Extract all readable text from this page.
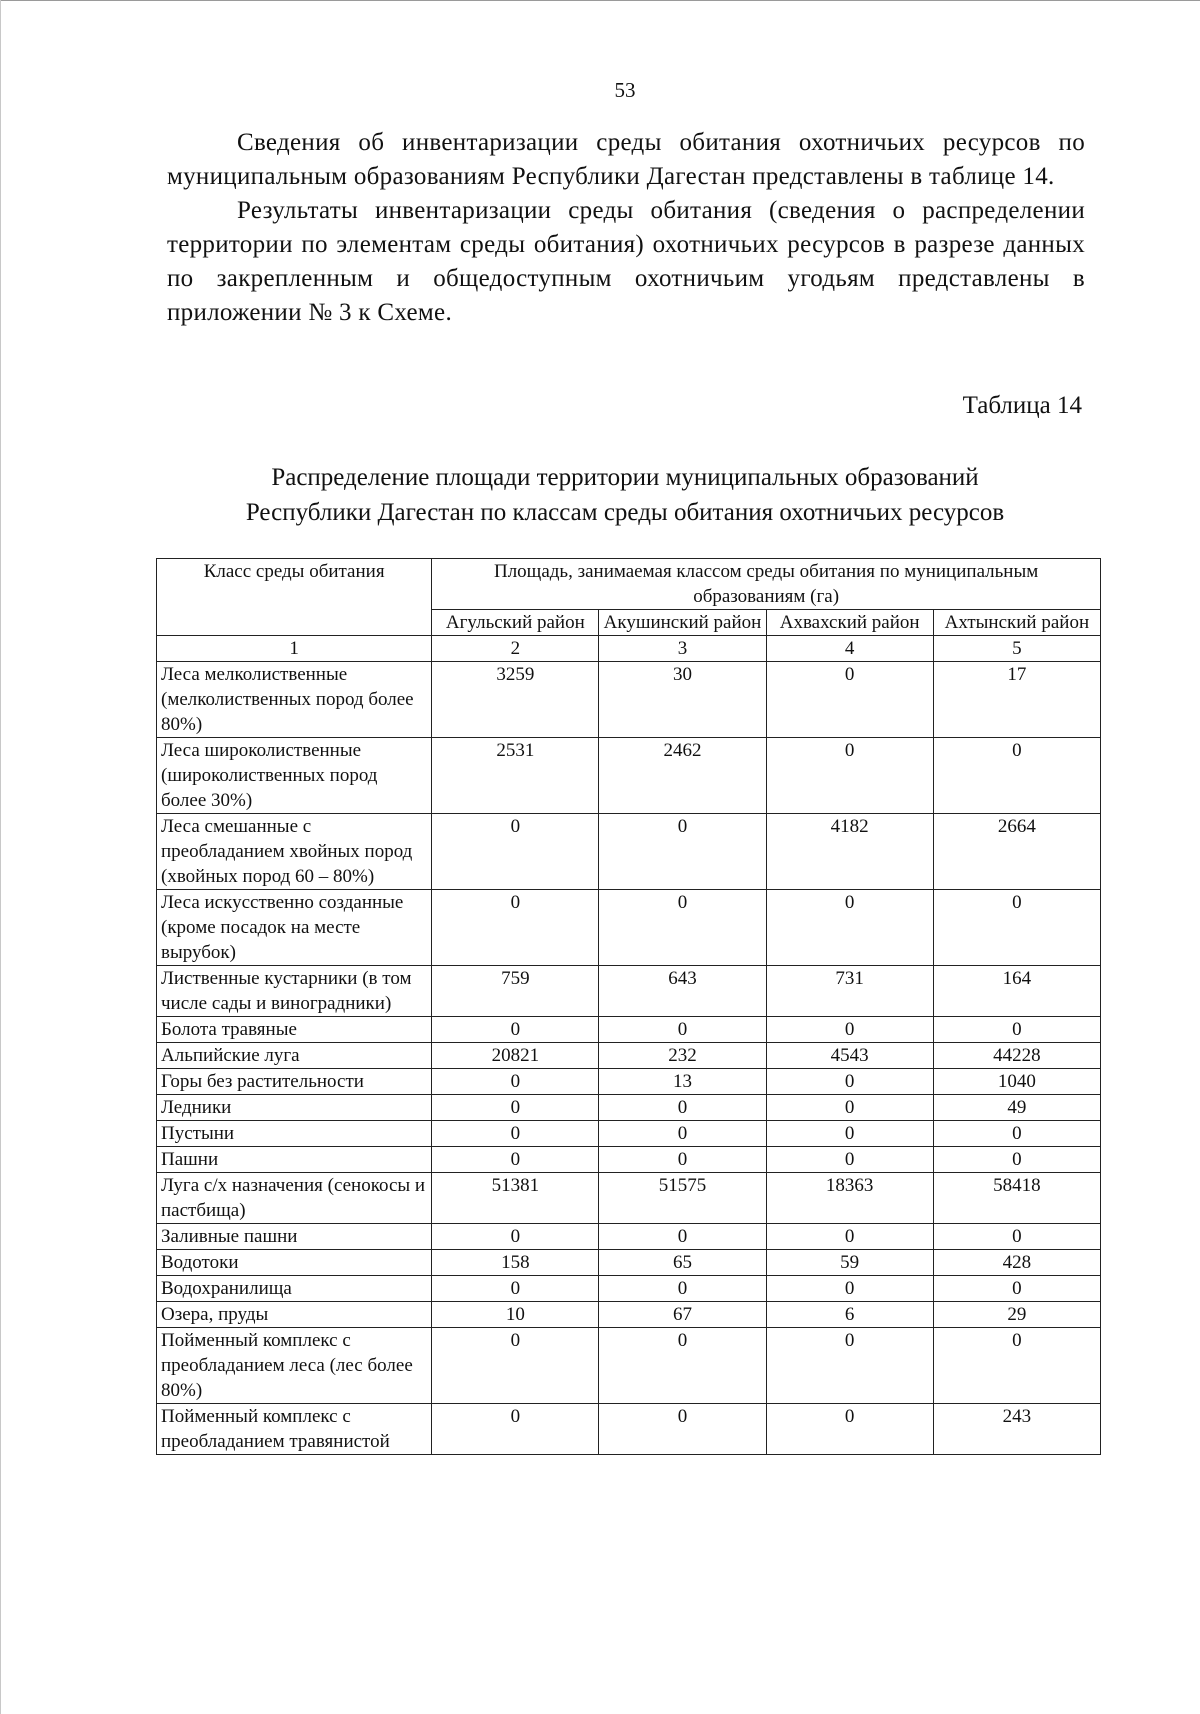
53

Сведения об инвентаризации среды обитания охотничьих ресурсов по муниципальным образованиям Республики Дагестан представлены в таблице 14.

Результаты инвентаризации среды обитания (сведения о распределении территории по элементам среды обитания) охотничьих ресурсов в разрезе данных по закрепленным и общедоступным охотничьим угодьям представлены в приложении № 3 к Схеме.

Таблица 14
Распределение площади территории муниципальных образований
Республики Дагестан по классам среды обитания охотничьих ресурсов
Класс среды обитания	Площадь, занимаемая классом среды обитания по муниципальным образованиям (га)			
	Агульский район	Акушинский район	Ахвахский район	Ахтынский район
1	2	3	4	5
Леса мелколиственные (мелколиственных пород более 80%)	3259	30	0	17
Леса широколиственные (широколиственных пород более 30%)	2531	2462	0	0
Леса смешанные с преобладанием хвойных пород (хвойных пород 60 – 80%)	0	0	4182	2664
Леса искусственно созданные (кроме посадок на месте вырубок)	0	0	0	0
Лиственные кустарники (в том числе сады и виноградники)	759	643	731	164
Болота травяные	0	0	0	0
Альпийские луга	20821	232	4543	44228
Горы без растительности	0	13	0	1040
Ледники	0	0	0	49
Пустыни	0	0	0	0
Пашни	0	0	0	0
Луга с/х назначения (сенокосы и пастбища)	51381	51575	18363	58418
Заливные пашни	0	0	0	0
Водотоки	158	65	59	428
Водохранилища	0	0	0	0
Озера, пруды	10	67	6	29
Пойменный комплекс с преобладанием леса (лес более 80%)	0	0	0	0
Пойменный комплекс с преобладанием травянистой	0	0	0	243
